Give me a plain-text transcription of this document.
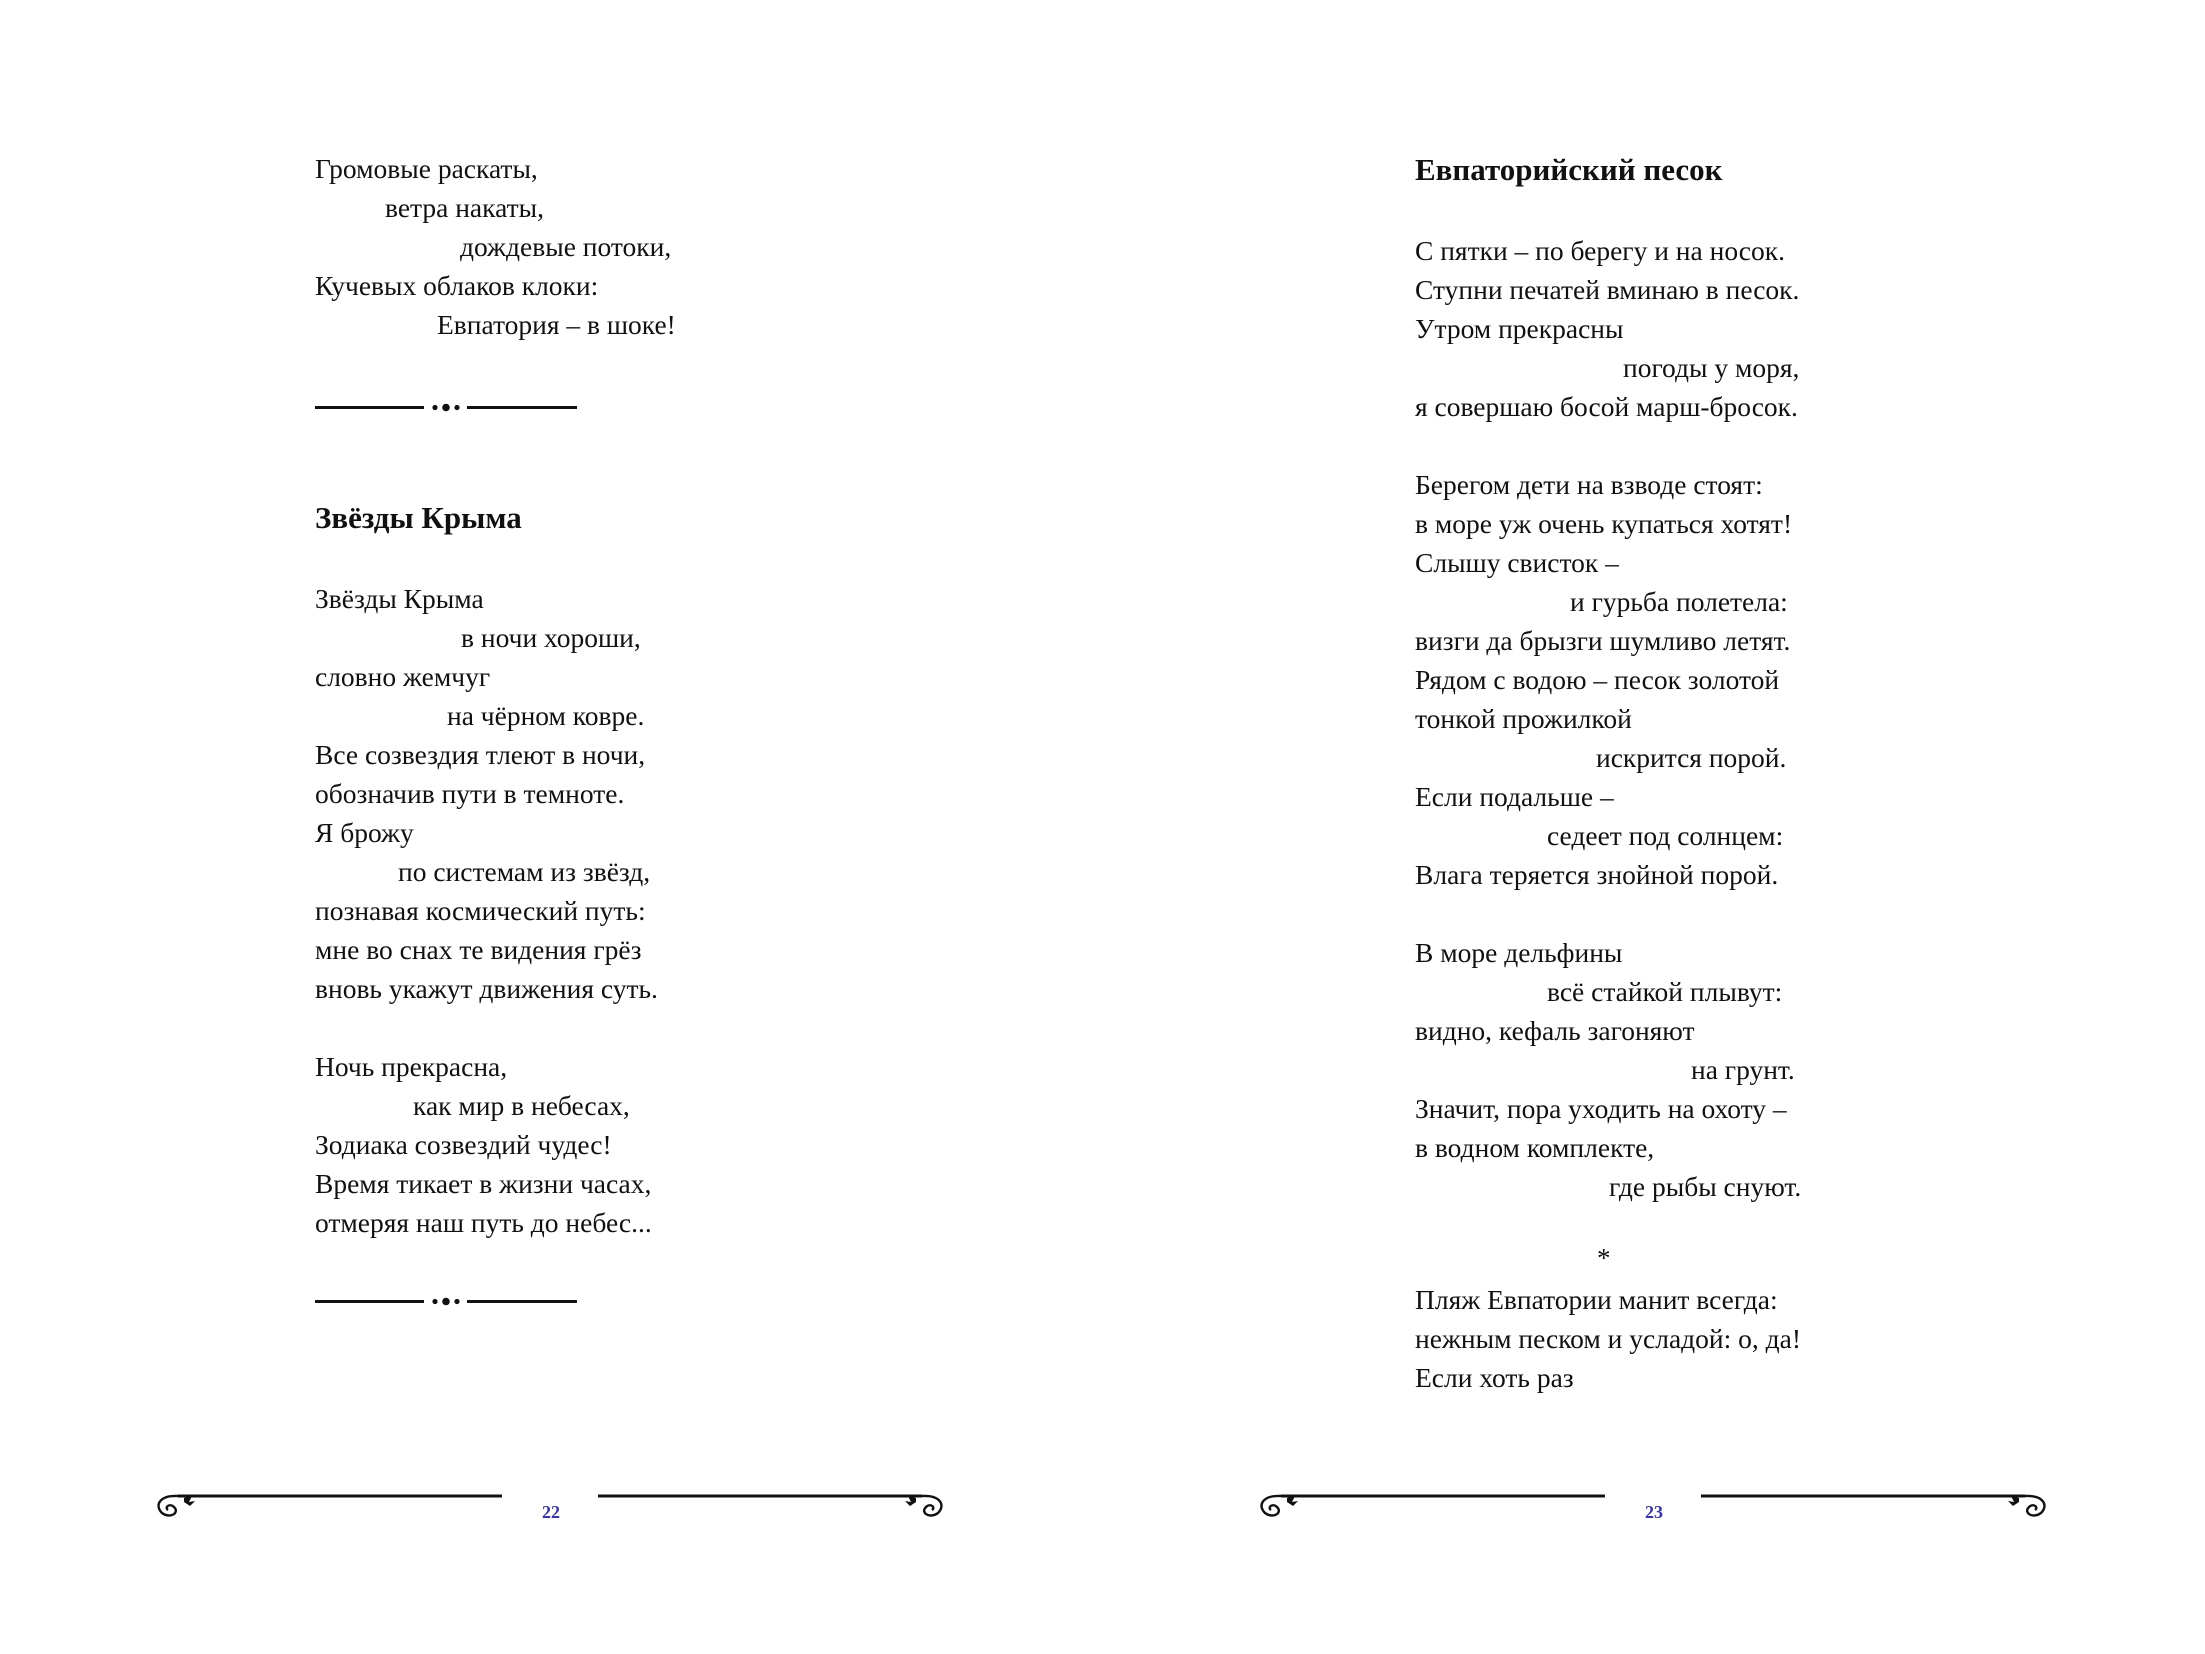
Громовые раскаты,
ветра накаты,
дождевые потоки,
Кучевых облаков клоки:
Евпатория – в шоке!
Звёзды Крыма
Звёзды Крыма
в ночи хороши,
словно жемчуг
на чёрном ковре.
Все созвездия тлеют в ночи,
обозначив пути в темноте.
Я брожу
по системам из звёзд,
познавая космический путь:
мне во снах те видения грёз
вновь укажут движения суть.
Ночь прекрасна,
как мир в небесах,
Зодиака созвездий чудес!
Время тикает в жизни часах,
отмеряя наш путь до небес...
22
Евпаторийский песок
С пятки – по берегу и на носок.
Ступни печатей вминаю в песок.
Утром прекрасны
погоды у моря,
я совершаю босой марш-бросок.
Берегом дети на взводе стоят:
в море уж очень купаться хотят!
Слышу свисток –
и гурьба полетела:
визги да брызги шумливо летят.
Рядом с водою – песок золотой
тонкой прожилкой
искрится порой.
Если подальше –
седеет под солнцем:
Влага теряется знойной порой.
В море дельфины
всё стайкой плывут:
видно, кефаль загоняют
на грунт.
Значит, пора уходить на охоту –
в водном комплекте,
где рыбы снуют.
*
Пляж Евпатории манит всегда:
нежным песком и усладой: о, да!
Если хоть раз
23
